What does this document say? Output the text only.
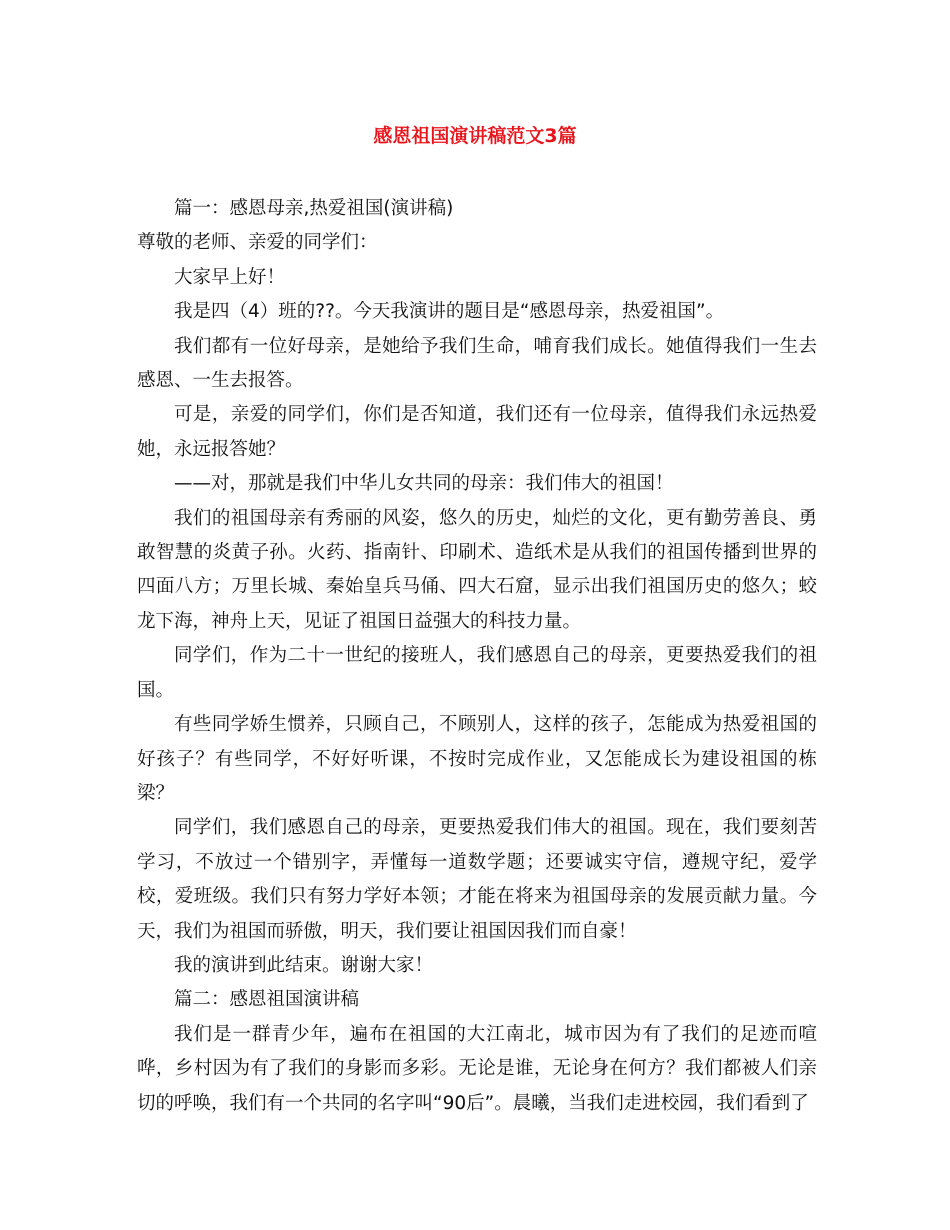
感恩祖国演讲稿范文3篇

篇一：感恩母亲,热爱祖国(演讲稿)

尊敬的老师、亲爱的同学们：

大家早上好！

我是四（4）班的??。今天我演讲的题目是“感恩母亲，热爱祖国”。

我们都有一位好母亲，是她给予我们生命，哺育我们成长。她值得我们一生去感恩、一生去报答。

可是，亲爱的同学们，你们是否知道，我们还有一位母亲，值得我们永远热爱她，永远报答她？

——对，那就是我们中华儿女共同的母亲：我们伟大的祖国！

我们的祖国母亲有秀丽的风姿，悠久的历史，灿烂的文化，更有勤劳善良、勇敢智慧的炎黄子孙。火药、指南针、印刷术、造纸术是从我们的祖国传播到世界的四面八方；万里长城、秦始皇兵马俑、四大石窟，显示出我们祖国历史的悠久；蛟龙下海，神舟上天，见证了祖国日益强大的科技力量。

同学们，作为二十一世纪的接班人，我们感恩自己的母亲，更要热爱我们的祖国。

有些同学娇生惯养，只顾自己，不顾别人，这样的孩子，怎能成为热爱祖国的好孩子？有些同学，不好好听课，不按时完成作业，又怎能成长为建设祖国的栋梁？

同学们，我们感恩自己的母亲，更要热爱我们伟大的祖国。现在，我们要刻苦学习，不放过一个错别字，弄懂每一道数学题；还要诚实守信，遵规守纪，爱学校，爱班级。我们只有努力学好本领；才能在将来为祖国母亲的发展贡献力量。今天，我们为祖国而骄傲，明天，我们要让祖国因我们而自豪！

我的演讲到此结束。谢谢大家！

篇二：感恩祖国演讲稿

我们是一群青少年，遍布在祖国的大江南北，城市因为有了我们的足迹而喧哗，乡村因为有了我们的身影而多彩。无论是谁，无论身在何方？我们都被人们亲切的呼唤，我们有一个共同的名字叫“90后”。晨曦，当我们走进校园，我们看到了
